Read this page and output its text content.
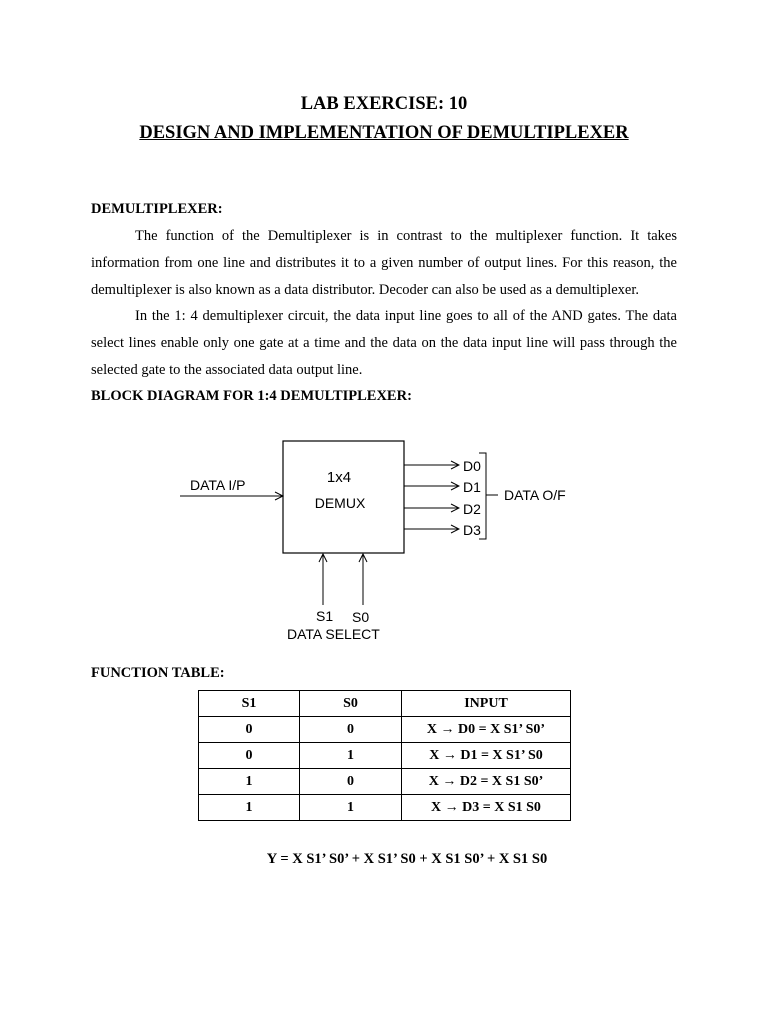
LAB EXERCISE: 10
DESIGN AND IMPLEMENTATION OF DEMULTIPLEXER
DEMULTIPLEXER:
The function of the Demultiplexer is in contrast to the multiplexer function. It takes
information from one line and distributes it to a given number of output lines. For this reason, the
demultiplexer is also known as a data distributor. Decoder can also be used as a demultiplexer.
In the 1: 4 demultiplexer circuit, the data input line goes to all of the AND gates. The data
select lines enable only one gate at a time and the data on the data input line will pass through the
selected gate to the associated data output line.
BLOCK DIAGRAM FOR 1:4 DEMULTIPLEXER:
1x4
DEMUX
DATA I/P
D0
D1
D2
D3
DATA O/F
S1 S0
DATA SELECT
FUNCTION TABLE:
S1	S0	INPUT
0	0	X → D0 = X S1’ S0’
0	1	X → D1 = X S1’ S0
1	0	X → D2 = X S1 S0’
1	1	X → D3 = X S1 S0
Y = X S1’ S0’ + X S1’ S0 + X S1 S0’ + X S1 S0
